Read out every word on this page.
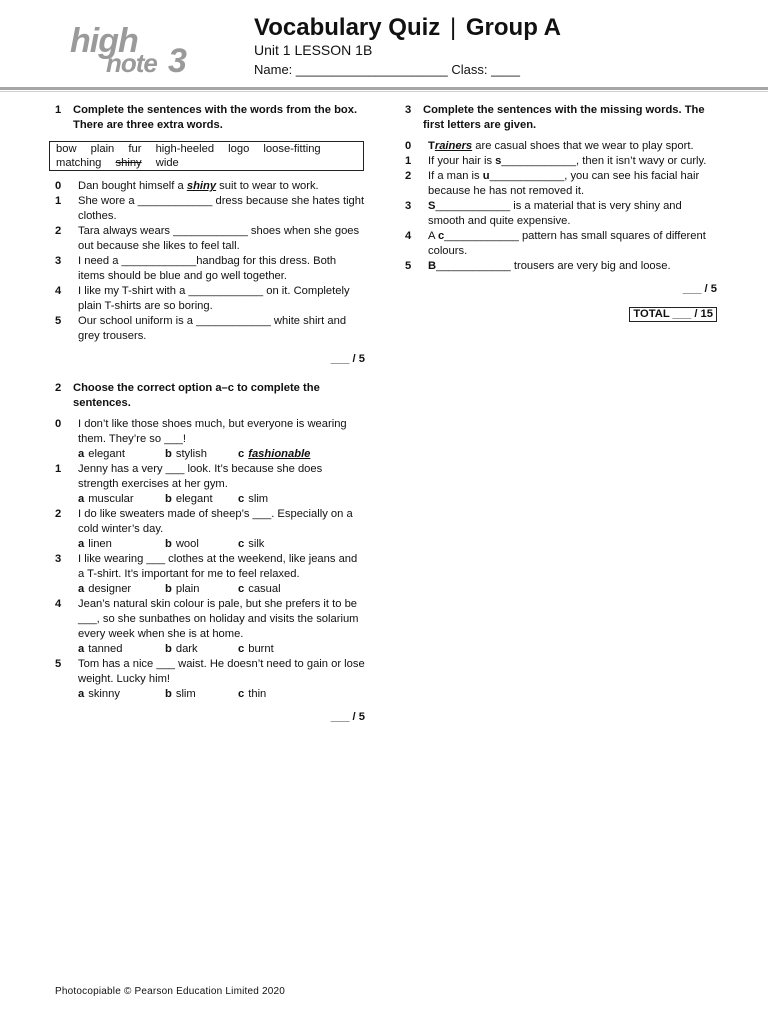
high
note 3
Vocabulary Quiz | Group A
Unit 1 LESSON 1B
Name: _____________________ Class: ____
1	Complete the sentences with the words from the box. There are three extra words.
bow plain fur high-heeled logo loose-fitting
matching shiny wide
0	Dan bought himself a shiny suit to wear to work.
1	She wore a ____________ dress because she hates tight clothes.
2	Tara always wears ____________ shoes when she goes out because she likes to feel tall.
3	I need a ____________handbag for this dress. Both items should be blue and go well together.
4	I like my T-shirt with a ____________ on it. Completely plain T-shirts are so boring.
5	Our school uniform is a ____________ white shirt and grey trousers.
___ / 5
2	Choose the correct option a–c to complete the sentences.
0	I don’t like those shoes much, but everyone is wearing them. They’re so ___!
a elegant	b stylish	c fashionable
1	Jenny has a very ___ look. It’s because she does strength exercises at her gym.
a muscular	b elegant	c slim
2	I do like sweaters made of sheep’s ___. Especially on a cold winter’s day.
a linen	b wool	c silk
3	I like wearing ___ clothes at the weekend, like jeans and a T-shirt. It’s important for me to feel relaxed.
a designer	b plain	c casual
4	Jean’s natural skin colour is pale, but she prefers it to be ___, so she sunbathes on holiday and visits the solarium every week when she is at home.
a tanned	b dark	c burnt
5	Tom has a nice ___ waist. He doesn’t need to gain or lose weight. Lucky him!
a skinny	b slim	c thin
___ / 5
3	Complete the sentences with the missing words. The first letters are given.
0	Trainers are casual shoes that we wear to play sport.
1	If your hair is s____________, then it isn’t wavy or curly.
2	If a man is u____________, you can see his facial hair because he has not removed it.
3	S____________ is a material that is very shiny and smooth and quite expensive.
4	A c____________ pattern has small squares of different colours.
5	B____________ trousers are very big and loose.
___ / 5
TOTAL ___ / 15
Photocopiable © Pearson Education Limited 2020
